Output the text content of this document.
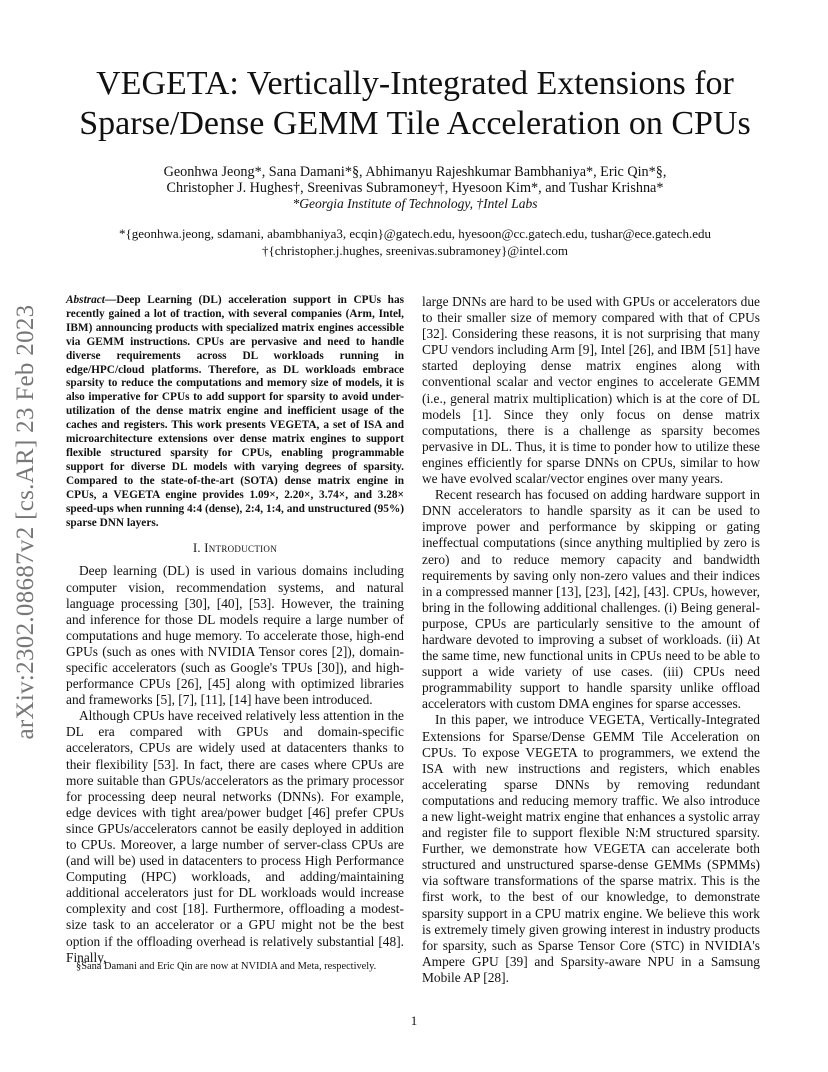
arXiv:2302.08687v2 [cs.AR] 23 Feb 2023
VEGETA: Vertically-Integrated Extensions for
Sparse/Dense GEMM Tile Acceleration on CPUs
Geonhwa Jeong*, Sana Damani*§, Abhimanyu Rajeshkumar Bambhaniya*, Eric Qin*§,
Christopher J. Hughes†, Sreenivas Subramoney†, Hyesoon Kim*, and Tushar Krishna*
*Georgia Institute of Technology, †Intel Labs
*{geonhwa.jeong, sdamani, abambhaniya3, ecqin}@gatech.edu, hyesoon@cc.gatech.edu, tushar@ece.gatech.edu
†{christopher.j.hughes, sreenivas.subramoney}@intel.com

Abstract—Deep Learning (DL) acceleration support in CPUs has recently gained a lot of traction, with several companies (Arm, Intel, IBM) announcing products with specialized matrix engines accessible via GEMM instructions. CPUs are pervasive and need to handle diverse requirements across DL workloads running in edge/HPC/cloud platforms. Therefore, as DL workloads embrace sparsity to reduce the computations and memory size of models, it is also imperative for CPUs to add support for sparsity to avoid under-utilization of the dense matrix engine and inefficient usage of the caches and registers. This work presents VEGETA, a set of ISA and microarchitecture extensions over dense matrix engines to support flexible structured sparsity for CPUs, enabling programmable support for diverse DL models with varying degrees of sparsity. Compared to the state-of-the-art (SOTA) dense matrix engine in CPUs, a VEGETA engine provides 1.09×, 2.20×, 3.74×, and 3.28× speed-ups when running 4:4 (dense), 2:4, 1:4, and unstructured (95%) sparse DNN layers.

I. Introduction

Deep learning (DL) is used in various domains including computer vision, recommendation systems, and natural language processing [30], [40], [53]. However, the training and inference for those DL models require a large number of computations and huge memory. To accelerate those, high-end GPUs (such as ones with NVIDIA Tensor cores [2]), domain-specific accelerators (such as Google's TPUs [30]), and high-performance CPUs [26], [45] along with optimized libraries and frameworks [5], [7], [11], [14] have been introduced.

Although CPUs have received relatively less attention in the DL era compared with GPUs and domain-specific accelerators, CPUs are widely used at datacenters thanks to their flexibility [53]. In fact, there are cases where CPUs are more suitable than GPUs/accelerators as the primary processor for processing deep neural networks (DNNs). For example, edge devices with tight area/power budget [46] prefer CPUs since GPUs/accelerators cannot be easily deployed in addition to CPUs. Moreover, a large number of server-class CPUs are (and will be) used in datacenters to process High Performance Computing (HPC) workloads, and adding/maintaining additional accelerators just for DL workloads would increase complexity and cost [18]. Furthermore, offloading a modest-size task to an accelerator or a GPU might not be the best option if the offloading overhead is relatively substantial [48]. Finally,

large DNNs are hard to be used with GPUs or accelerators due to their smaller size of memory compared with that of CPUs [32]. Considering these reasons, it is not surprising that many CPU vendors including Arm [9], Intel [26], and IBM [51] have started deploying dense matrix engines along with conventional scalar and vector engines to accelerate GEMM (i.e., general matrix multiplication) which is at the core of DL models [1]. Since they only focus on dense matrix computations, there is a challenge as sparsity becomes pervasive in DL. Thus, it is time to ponder how to utilize these engines efficiently for sparse DNNs on CPUs, similar to how we have evolved scalar/vector engines over many years.

Recent research has focused on adding hardware support in DNN accelerators to handle sparsity as it can be used to improve power and performance by skipping or gating ineffectual computations (since anything multiplied by zero is zero) and to reduce memory capacity and bandwidth requirements by saving only non-zero values and their indices in a compressed manner [13], [23], [42], [43]. CPUs, however, bring in the following additional challenges. (i) Being general-purpose, CPUs are particularly sensitive to the amount of hardware devoted to improving a subset of workloads. (ii) At the same time, new functional units in CPUs need to be able to support a wide variety of use cases. (iii) CPUs need programmability support to handle sparsity unlike offload accelerators with custom DMA engines for sparse accesses.

In this paper, we introduce VEGETA, Vertically-Integrated Extensions for Sparse/Dense GEMM Tile Acceleration on CPUs. To expose VEGETA to programmers, we extend the ISA with new instructions and registers, which enables accelerating sparse DNNs by removing redundant computations and reducing memory traffic. We also introduce a new light-weight matrix engine that enhances a systolic array and register file to support flexible N:M structured sparsity. Further, we demonstrate how VEGETA can accelerate both structured and unstructured sparse-dense GEMMs (SPMMs) via software transformations of the sparse matrix. This is the first work, to the best of our knowledge, to demonstrate sparsity support in a CPU matrix engine. We believe this work is extremely timely given growing interest in industry products for sparsity, such as Sparse Tensor Core (STC) in NVIDIA's Ampere GPU [39] and Sparsity-aware NPU in a Samsung Mobile AP [28].

§Sana Damani and Eric Qin are now at NVIDIA and Meta, respectively.
1
